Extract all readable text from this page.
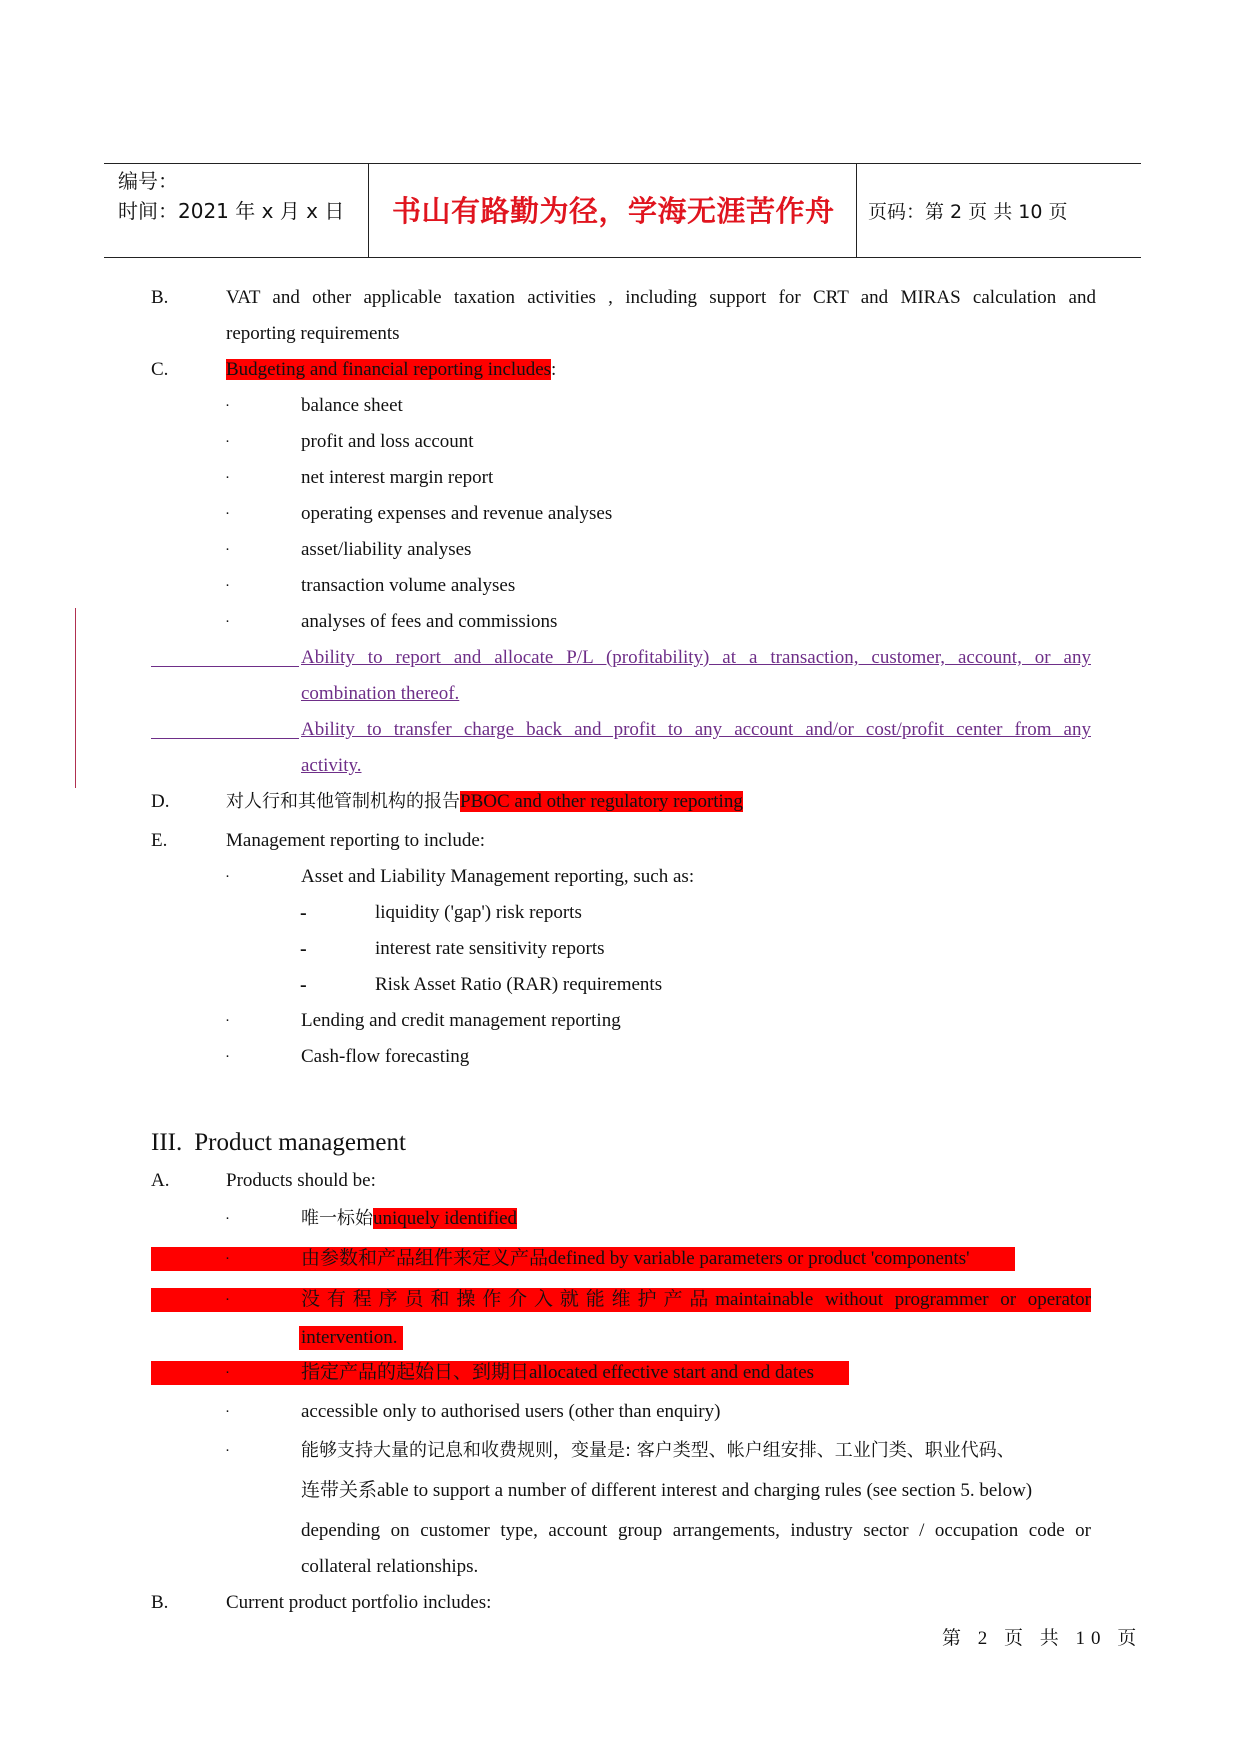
编号：
时间：2021 年 x 月 x 日 书山有路勤为径，学海无涯苦作舟 页码：第 2 页 共 10 页
B.	VAT and other applicable taxation activities , including support for CRT and MIRAS calculation and
reporting requirements
C.	Budgeting and financial reporting includes:
·	balance sheet
·	profit and loss account
·	net interest margin report
·	operating expenses and revenue analyses
·	asset/liability analyses
·	transaction volume analyses
·	analyses of fees and commissions
Ability to report and allocate P/L (profitability) at a transaction, customer, account, or any
combination thereof.
Ability to transfer charge back and profit to any account and/or cost/profit center from any
activity.
D.	对人行和其他管制机构的报告PBOC and other regulatory reporting
E.	Management reporting to include:
·	Asset and Liability Management reporting, such as:
-	liquidity ('gap') risk reports
-	interest rate sensitivity reports
-	Risk Asset Ratio (RAR) requirements
·	Lending and credit management reporting
·	Cash-flow forecasting
III. Product management
A.	Products should be:
·	唯一标始uniquely identified
·	由参数和产品组件来定义产品defined by variable parameters or product 'components'
·	没有程序员和操作介入就能维护产品maintainable without programmer or operator
intervention.
·	指定产品的起始日、到期日allocated effective start and end dates
·	accessible only to authorised users (other than enquiry)
·	能够支持大量的记息和收费规则，变量是: 客户类型、帐户组安排、工业门类、职业代码、
连带关系able to support a number of different interest and charging rules (see section 5. below)
depending on customer type, account group arrangements, industry sector / occupation code or
collateral relationships.
B.	Current product portfolio includes:
第 2 页 共 10 页
